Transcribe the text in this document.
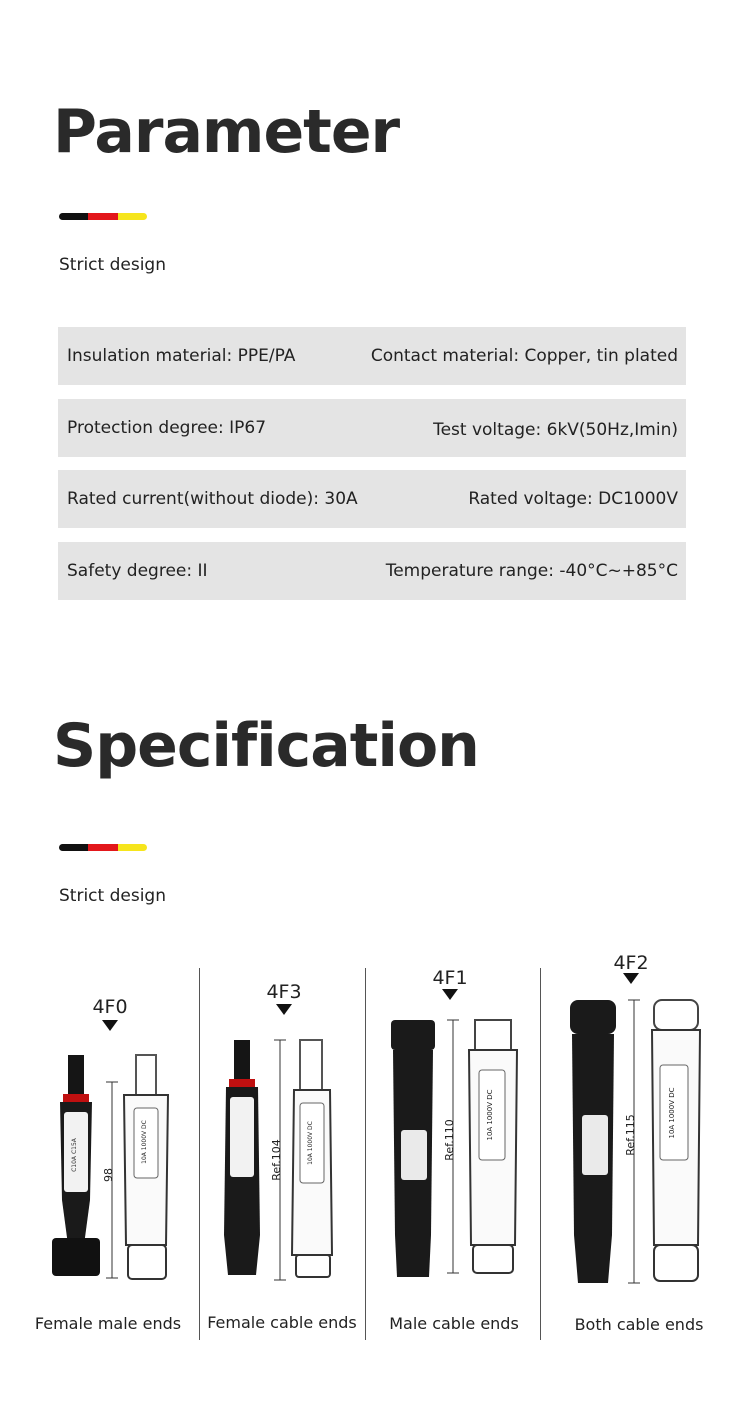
Parameter
Strict design
Insulation material: PPE/PA	Contact material: Copper, tin plated
Protection degree: IP67	Test voltage: 6kV(50Hz,Imin)
Rated current(without diode): 30A	Rated voltage: DC1000V
Safety degree: II	Temperature range: -40°C~+85°C
Specification
Strict design
4F0
C10A C15A	10A 1000V DC
98
Female male ends
4F3
10A 1000V DC
Ref.104
Female cable ends
4F1
10A 1000V DC
Ref.110
Male cable ends
4F2
10A 1000V DC
Ref.115
Both cable ends
